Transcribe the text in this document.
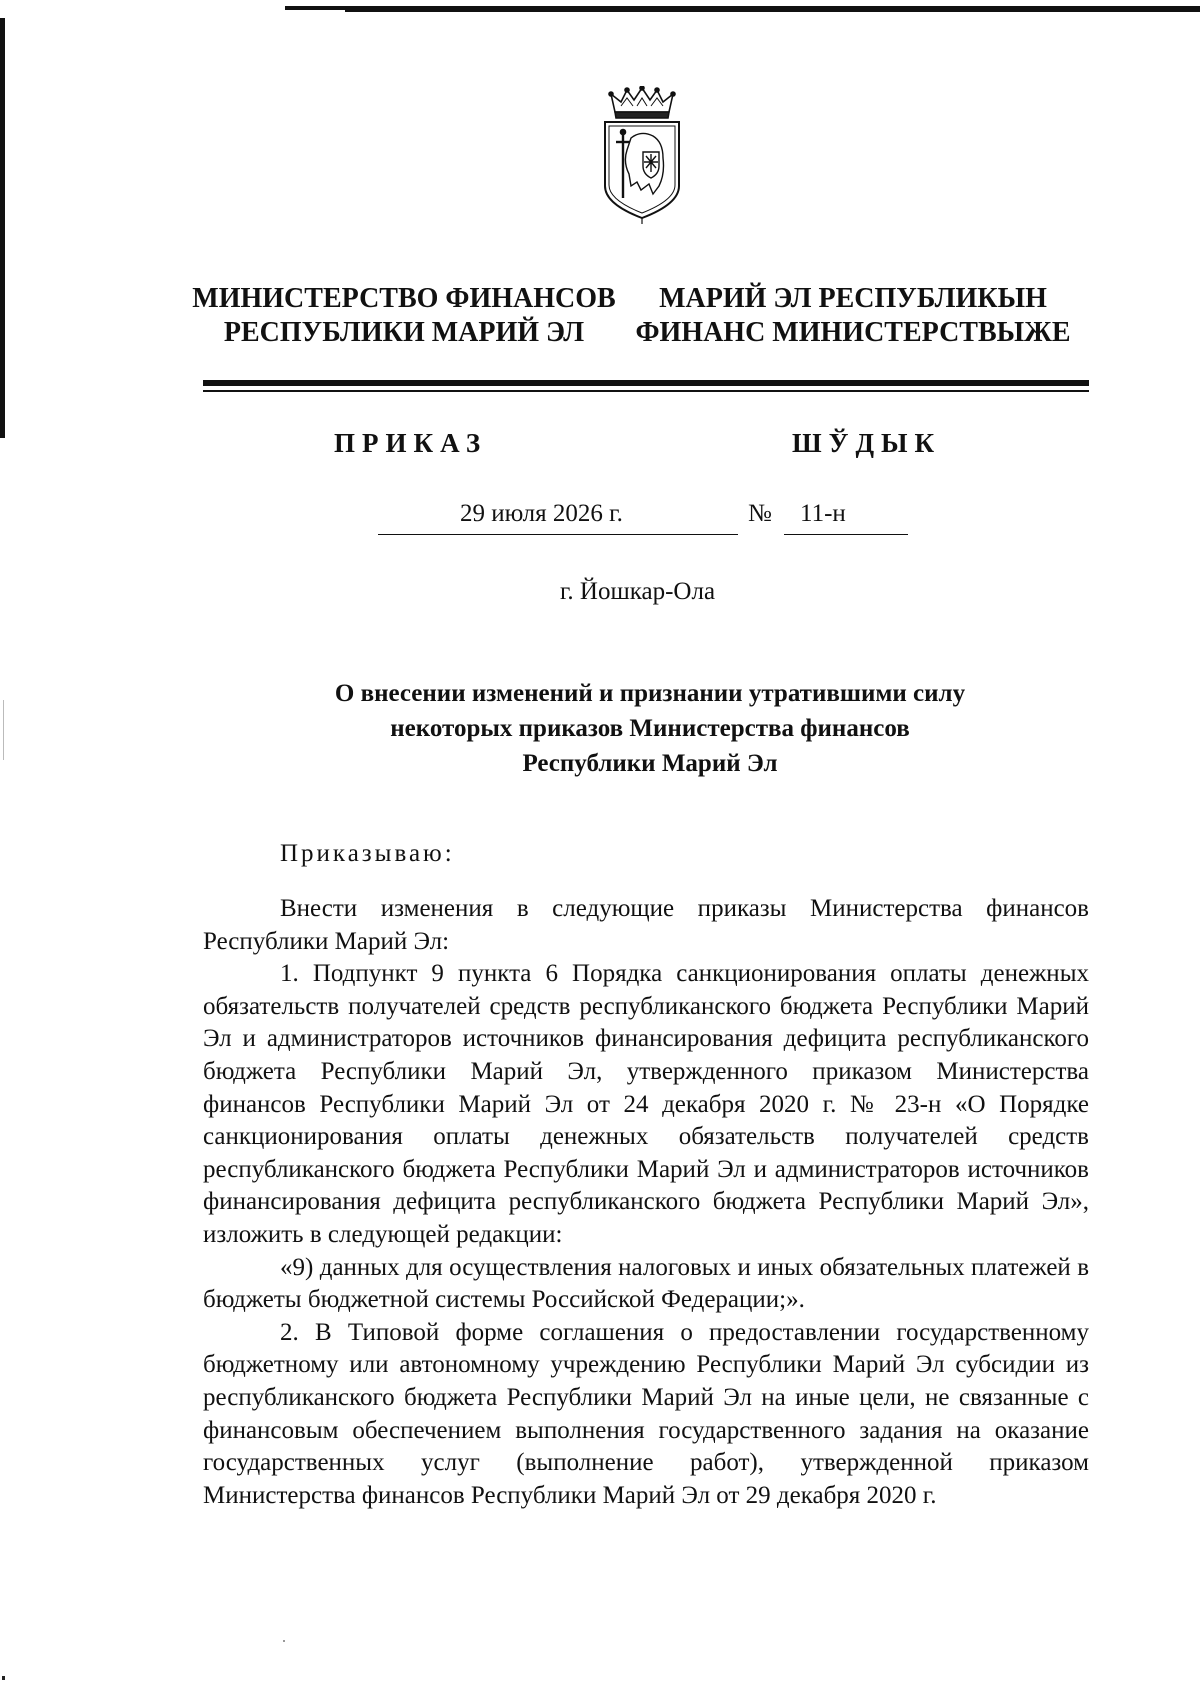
МИНИСТЕРСТВО ФИНАНСОВ
РЕСПУБЛИКИ МАРИЙ ЭЛ
МАРИЙ ЭЛ РЕСПУБЛИКЫН
ФИНАНС МИНИСТЕРСТВЫЖЕ
ПРИКАЗ	ШЎДЫК
29 июля 2026 г.	№ 11-н
г. Йошкар-Ола
О внесении изменений и признании утратившими силу
некоторых приказов Министерства финансов
Республики Марий Эл
Приказываю:

Внести изменения в следующие приказы Министерства финансов Республики Марий Эл:

1. Подпункт 9 пункта 6 Порядка санкционирования оплаты денежных обязательств получателей средств республиканского бюджета Республики Марий Эл и администраторов источников финансирования дефицита республиканского бюджета Республики Марий Эл, утвержденного приказом Министерства финансов Республики Марий Эл от 24 декабря 2020 г. № 23-н «О Порядке санкционирования оплаты денежных обязательств получателей средств республиканского бюджета Республики Марий Эл и администраторов источников финансирования дефицита республиканского бюджета Республики Марий Эл», изложить в следующей редакции:

«9) данных для осуществления налоговых и иных обязательных платежей в бюджеты бюджетной системы Российской Федерации;».

2. В Типовой форме соглашения о предоставлении государственному бюджетному или автономному учреждению Республики Марий Эл субсидии из республиканского бюджета Республики Марий Эл на иные цели, не связанные с финансовым обеспечением выполнения государственного задания на оказание государственных услуг (выполнение работ), утвержденной приказом Министерства финансов Республики Марий Эл от 29 декабря 2020 г.
